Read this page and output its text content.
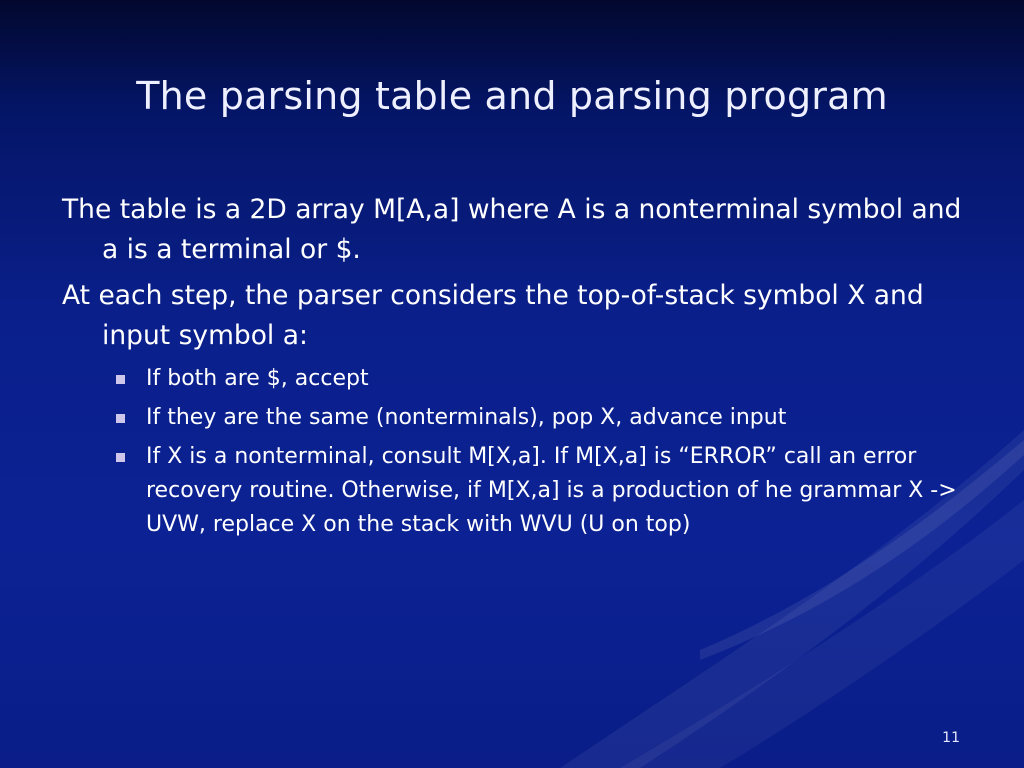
The parsing table and parsing program

The table is a 2D array M[A,a] where A is a nonterminal symbol and a is a terminal or $.

At each step, the parser considers the top-of-stack symbol X and input symbol a:

If both are $, accept
If they are the same (nonterminals), pop X, advance input
If X is a nonterminal, consult M[X,a]. If M[X,a] is “ERROR” call an error recovery routine. Otherwise, if M[X,a] is a production of he grammar X -> UVW, replace X on the stack with WVU (U on top)
11
